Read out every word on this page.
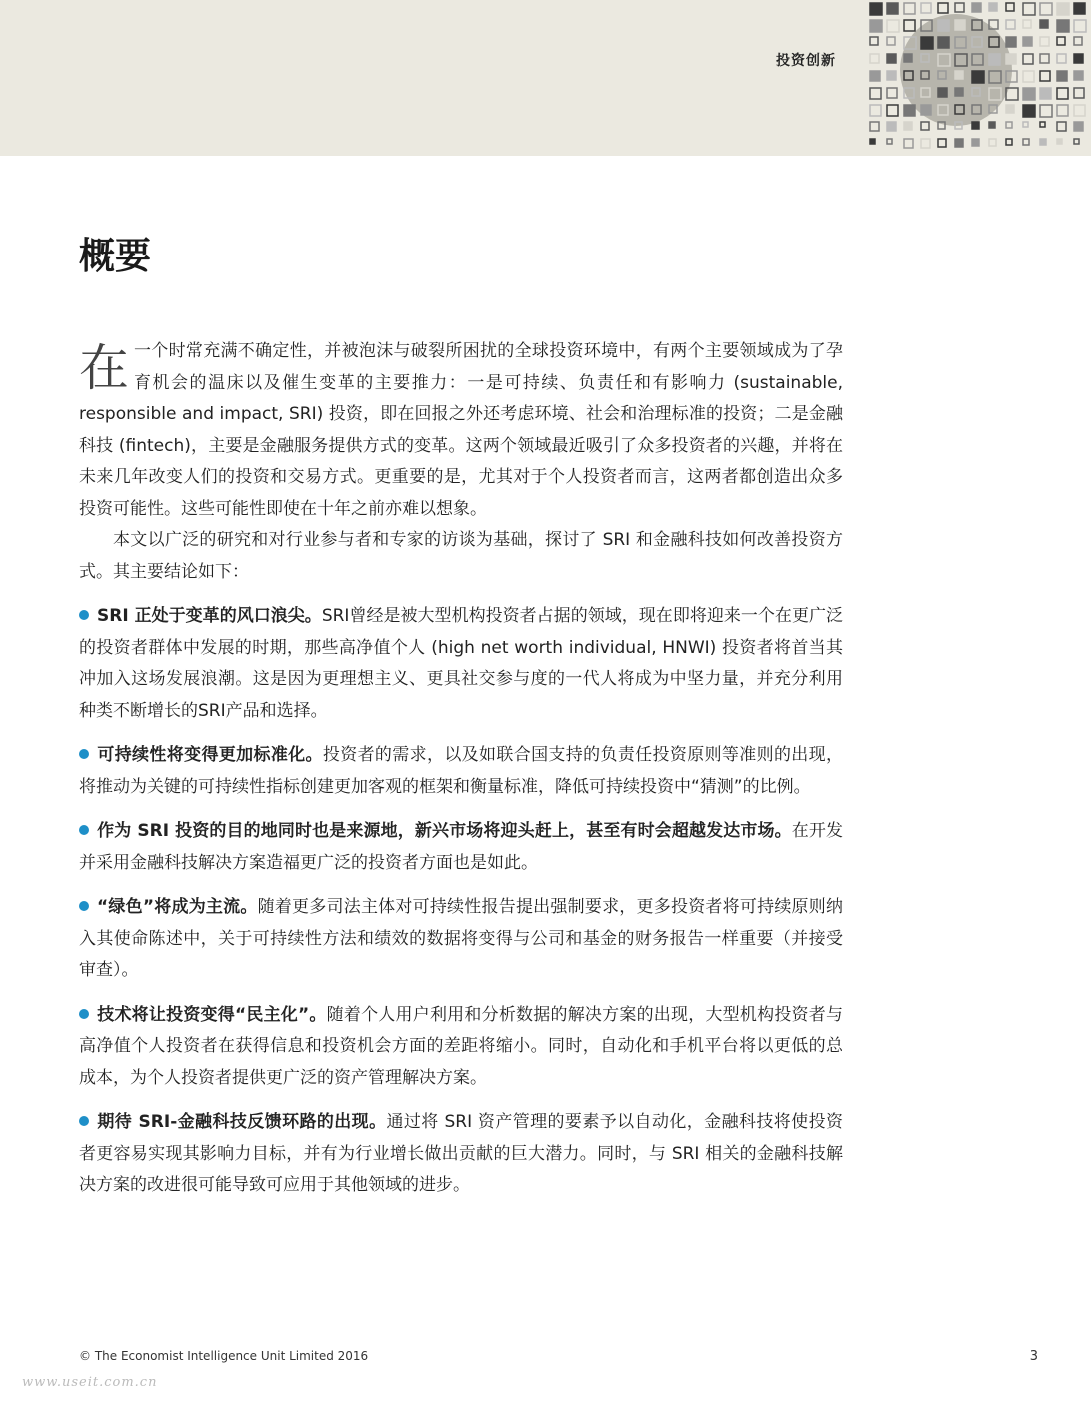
投资创新
概要

在一个时常充满不确定性，并被泡沫与破裂所困扰的全球投资环境中，有两个主要领域成为了孕育机会的温床以及催生变革的主要推力：一是可持续、负责任和有影响力 (sustainable, responsible and impact, SRI) 投资，即在回报之外还考虑环境、社会和治理标准的投资；二是金融科技 (fintech)，主要是金融服务提供方式的变革。这两个领域最近吸引了众多投资者的兴趣，并将在未来几年改变人们的投资和交易方式。更重要的是，尤其对于个人投资者而言，这两者都创造出众多投资可能性。这些可能性即使在十年之前亦难以想象。

本文以广泛的研究和对行业参与者和专家的访谈为基础，探讨了 SRI 和金融科技如何改善投资方式。其主要结论如下：

SRI 正处于变革的风口浪尖。SRI曾经是被大型机构投资者占据的领域，现在即将迎来一个在更广泛的投资者群体中发展的时期，那些高净值个人 (high net worth individual, HNWI) 投资者将首当其冲加入这场发展浪潮。这是因为更理想主义、更具社交参与度的一代人将成为中坚力量，并充分利用种类不断增长的SRI产品和选择。

可持续性将变得更加标准化。投资者的需求，以及如联合国支持的负责任投资原则等准则的出现，将推动为关键的可持续性指标创建更加客观的框架和衡量标准，降低可持续投资中“猜测”的比例。

作为 SRI 投资的目的地同时也是来源地，新兴市场将迎头赶上，甚至有时会超越发达市场。在开发并采用金融科技解决方案造福更广泛的投资者方面也是如此。

“绿色”将成为主流。随着更多司法主体对可持续性报告提出强制要求，更多投资者将可持续原则纳入其使命陈述中，关于可持续性方法和绩效的数据将变得与公司和基金的财务报告一样重要（并接受审查）。

技术将让投资变得“民主化”。随着个人用户利用和分析数据的解决方案的出现，大型机构投资者与高净值个人投资者在获得信息和投资机会方面的差距将缩小。同时，自动化和手机平台将以更低的总成本，为个人投资者提供更广泛的资产管理解决方案。

期待 SRI-金融科技反馈环路的出现。通过将 SRI 资产管理的要素予以自动化，金融科技将使投资者更容易实现其影响力目标，并有为行业增长做出贡献的巨大潜力。同时，与 SRI 相关的金融科技解决方案的改进很可能导致可应用于其他领域的进步。

© The Economist Intelligence Unit Limited 2016	3
www.useit.com.cn
